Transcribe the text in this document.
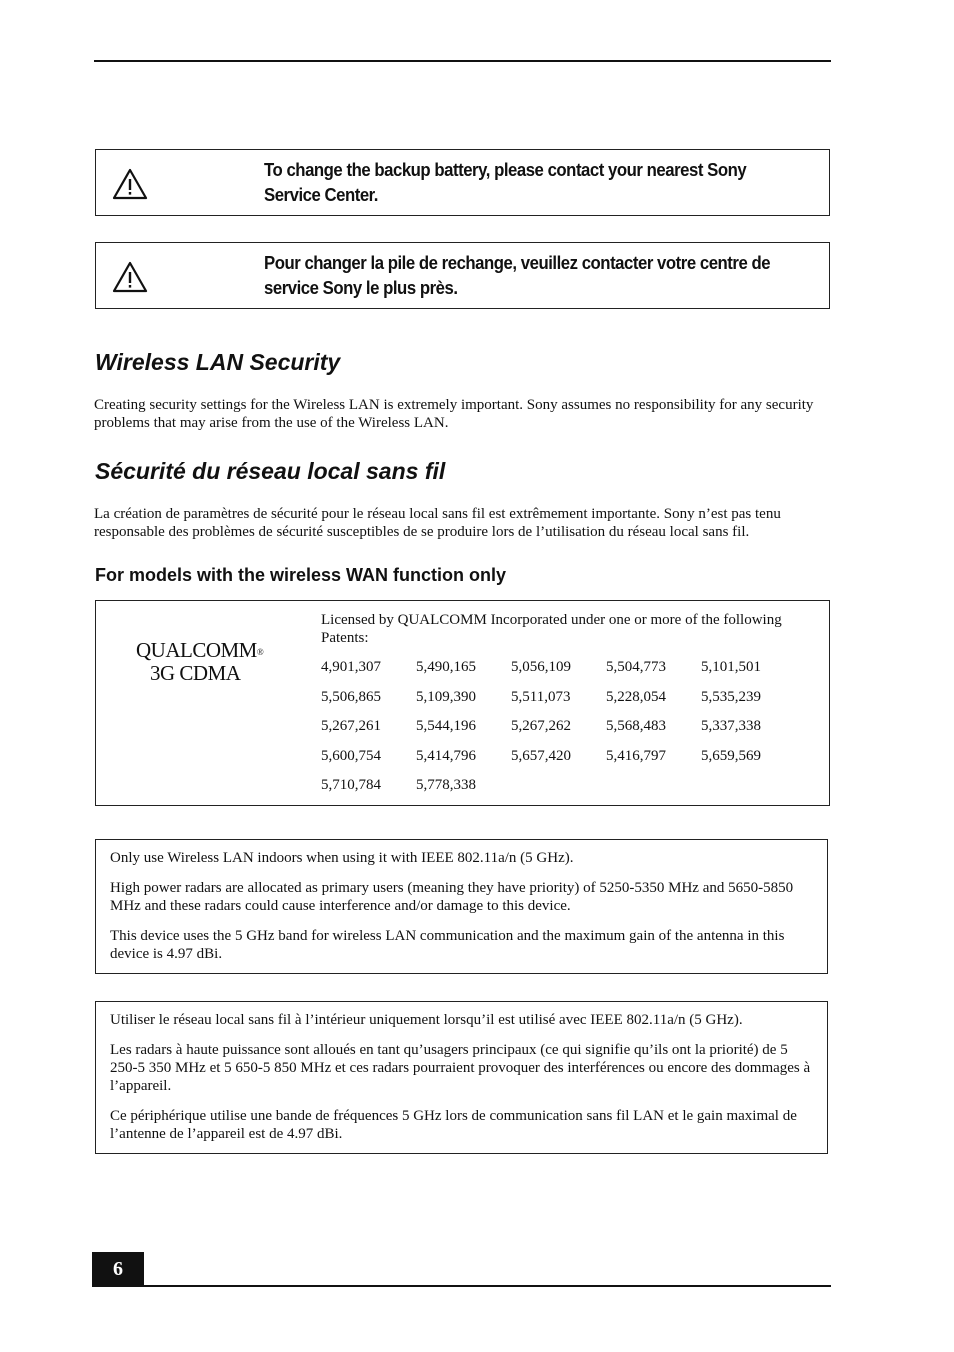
To change the backup battery, please contact your nearest Sony Service Center.
Pour changer la pile de rechange, veuillez contacter votre centre de service Sony le plus près.
Wireless LAN Security

Creating security settings for the Wireless LAN is extremely important. Sony assumes no responsibility for any security problems that may arise from the use of the Wireless LAN.

Sécurité du réseau local sans fil

La création de paramètres de sécurité pour le réseau local sans fil est extrêmement importante. Sony n’est pas tenu responsable des problèmes de sécurité susceptibles de se produire lors de l’utilisation du réseau local sans fil.

For models with the wireless WAN function only
QUALCOMM®
3G CDMA
Licensed by QUALCOMM Incorporated under one or more of the following Patents:
4,901,307	5,490,165	5,056,109	5,504,773	5,101,501
5,506,865	5,109,390	5,511,073	5,228,054	5,535,239
5,267,261	5,544,196	5,267,262	5,568,483	5,337,338
5,600,754	5,414,796	5,657,420	5,416,797	5,659,569
5,710,784	5,778,338

Only use Wireless LAN indoors when using it with IEEE 802.11a/n (5 GHz).

High power radars are allocated as primary users (meaning they have priority) of 5250-5350 MHz and 5650-5850 MHz and these radars could cause interference and/or damage to this device.

This device uses the 5 GHz band for wireless LAN communication and the maximum gain of the antenna in this device is 4.97 dBi.

Utiliser le réseau local sans fil à l’intérieur uniquement lorsqu’il est utilisé avec IEEE 802.11a/n (5 GHz).

Les radars à haute puissance sont alloués en tant qu’usagers principaux (ce qui signifie qu’ils ont la priorité) de 5 250-5 350 MHz et 5 650-5 850 MHz et ces radars pourraient provoquer des interférences ou encore des dommages à l’appareil.

Ce périphérique utilise une bande de fréquences 5 GHz lors de communication sans fil LAN et le gain maximal de l’antenne de l’appareil est de 4.97 dBi.

6
